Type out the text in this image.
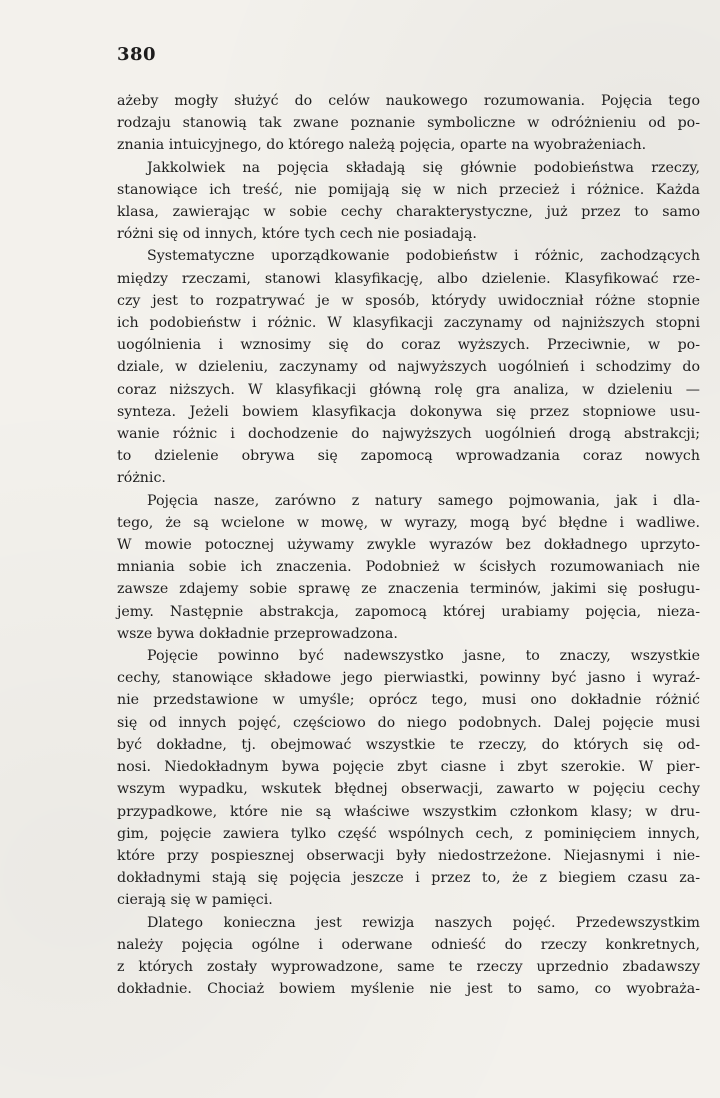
380
ażeby mogły służyć do celów naukowego rozumowania. Pojęcia tego
rodzaju stanowią tak zwane poznanie symboliczne w odróżnieniu od po-
znania intuicyjnego, do którego należą pojęcia, oparte na wyobrażeniach.
Jakkolwiek na pojęcia składają się głównie podobieństwa rzeczy,
stanowiące ich treść, nie pomijają się w nich przecież i różnice. Każda
klasa, zawierając w sobie cechy charakterystyczne, już przez to samo
różni się od innych, które tych cech nie posiadają.
Systematyczne uporządkowanie podobieństw i różnic, zachodzących
między rzeczami, stanowi klasyfikację, albo dzielenie. Klasyfikować rze-
czy jest to rozpatrywać je w sposób, którydy uwidoczniał różne stopnie
ich podobieństw i różnic. W klasyfikacji zaczynamy od najniższych stopni
uogólnienia i wznosimy się do coraz wyższych. Przeciwnie, w po-
dziale, w dzieleniu, zaczynamy od najwyższych uogólnień i schodzimy do
coraz niższych. W klasyfikacji główną rolę gra analiza, w dzieleniu —
synteza. Jeżeli bowiem klasyfikacja dokonywa się przez stopniowe usu-
wanie różnic i dochodzenie do najwyższych uogólnień drogą abstrakcji;
to dzielenie obrywa się zapomocą wprowadzania coraz nowych
różnic.
Pojęcia nasze, zarówno z natury samego pojmowania, jak i dla-
tego, że są wcielone w mowę, w wyrazy, mogą być błędne i wadliwe.
W mowie potocznej używamy zwykle wyrazów bez dokładnego uprzyto-
mniania sobie ich znaczenia. Podobnież w ścisłych rozumowaniach nie
zawsze zdajemy sobie sprawę ze znaczenia terminów, jakimi się posługu-
jemy. Następnie abstrakcja, zapomocą której urabiamy pojęcia, nieza-
wsze bywa dokładnie przeprowadzona.
Pojęcie powinno być nadewszystko jasne, to znaczy, wszystkie
cechy, stanowiące składowe jego pierwiastki, powinny być jasno i wyraź-
nie przedstawione w umyśle; oprócz tego, musi ono dokładnie różnić
się od innych pojęć, częściowo do niego podobnych. Dalej pojęcie musi
być dokładne, tj. obejmować wszystkie te rzeczy, do których się od-
nosi. Niedokładnym bywa pojęcie zbyt ciasne i zbyt szerokie. W pier-
wszym wypadku, wskutek błędnej obserwacji, zawarto w pojęciu cechy
przypadkowe, które nie są właściwe wszystkim członkom klasy; w dru-
gim, pojęcie zawiera tylko część wspólnych cech, z pominięciem innych,
które przy pospiesznej obserwacji były niedostrzeżone. Niejasnymi i nie-
dokładnymi stają się pojęcia jeszcze i przez to, że z biegiem czasu za-
cierają się w pamięci.
Dlatego konieczna jest rewizja naszych pojęć. Przedewszystkim
należy pojęcia ogólne i oderwane odnieść do rzeczy konkretnych,
z których zostały wyprowadzone, same te rzeczy uprzednio zbadawszy
dokładnie. Chociaż bowiem myślenie nie jest to samo, co wyobraża-
